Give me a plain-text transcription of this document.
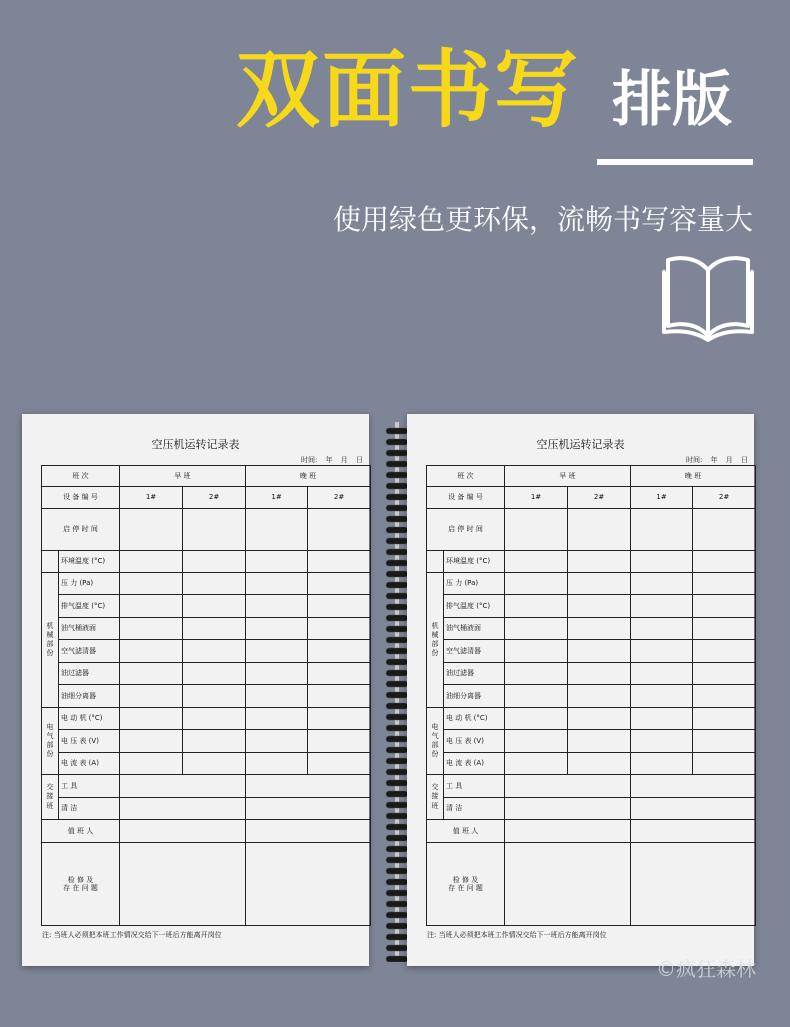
双面书写 排版
使用绿色更环保，流畅书写容量大
空压机运转记录表
时间: 年 月 日
班 次		早 班		晚 班	
设 备 编 号		1#	2#	1#	2#
启 停 时 间					
	环境温度 (°C)				

机
械
部
份	压 力 (Pa)				
	排气温度 (°C)				
	油气桶液面				
	空气滤清器				
	油过滤器				
	油细分离器				

电
气
部
份	电 动 机 (°C)				
	电 压 表 (V)				
	电 流 表 (A)				

交
接
班	工 具				
	清 洁				
值 班 人					

检 修 及
存 在 问 题					

注: 当班人必须把本班工作情况交给下一班后方能离开岗位
空压机运转记录表
时间: 年 月 日
班 次		早 班		晚 班	
设 备 编 号		1#	2#	1#	2#
启 停 时 间					
	环境温度 (°C)				

机
械
部
份	压 力 (Pa)				
	排气温度 (°C)				
	油气桶液面				
	空气滤清器				
	油过滤器				
	油细分离器				

电
气
部
份	电 动 机 (°C)				
	电 压 表 (V)				
	电 流 表 (A)				

交
接
班	工 具				
	清 洁				
值 班 人					

检 修 及
存 在 问 题					

注: 当班人必须把本班工作情况交给下一班后方能离开岗位
©疯狂森林
